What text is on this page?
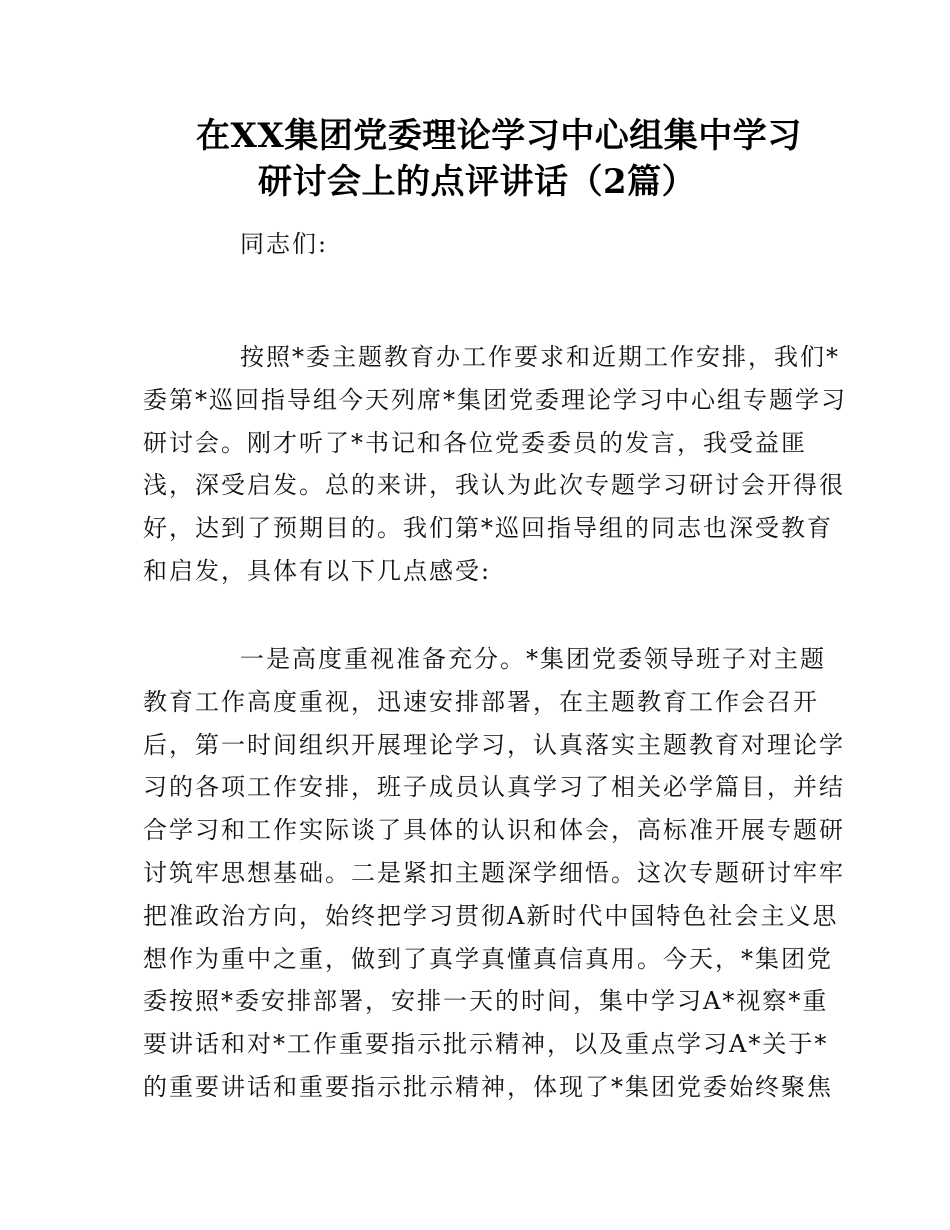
在XX集团党委理论学习中心组集中学习
研讨会上的点评讲话（2篇）
同志们:
按照*委主题教育办工作要求和近期工作安排，我们*
委第*巡回指导组今天列席*集团党委理论学习中心组专题学习
研讨会。刚才听了*书记和各位党委委员的发言，我受益匪
浅，深受启发。总的来讲，我认为此次专题学习研讨会开得很
好，达到了预期目的。我们第*巡回指导组的同志也深受教育
和启发，具体有以下几点感受:
一是高度重视准备充分。*集团党委领导班子对主题
教育工作高度重视，迅速安排部署，在主题教育工作会召开
后，第一时间组织开展理论学习，认真落实主题教育对理论学
习的各项工作安排，班子成员认真学习了相关必学篇目，并结
合学习和工作实际谈了具体的认识和体会，高标准开展专题研
讨筑牢思想基础。二是紧扣主题深学细悟。这次专题研讨牢牢
把准政治方向，始终把学习贯彻A新时代中国特色社会主义思
想作为重中之重，做到了真学真懂真信真用。今天，*集团党
委按照*委安排部署，安排一天的时间，集中学习A*视察*重
要讲话和对*工作重要指示批示精神，以及重点学习A*关于*
的重要讲话和重要指示批示精神，体现了*集团党委始终聚焦
